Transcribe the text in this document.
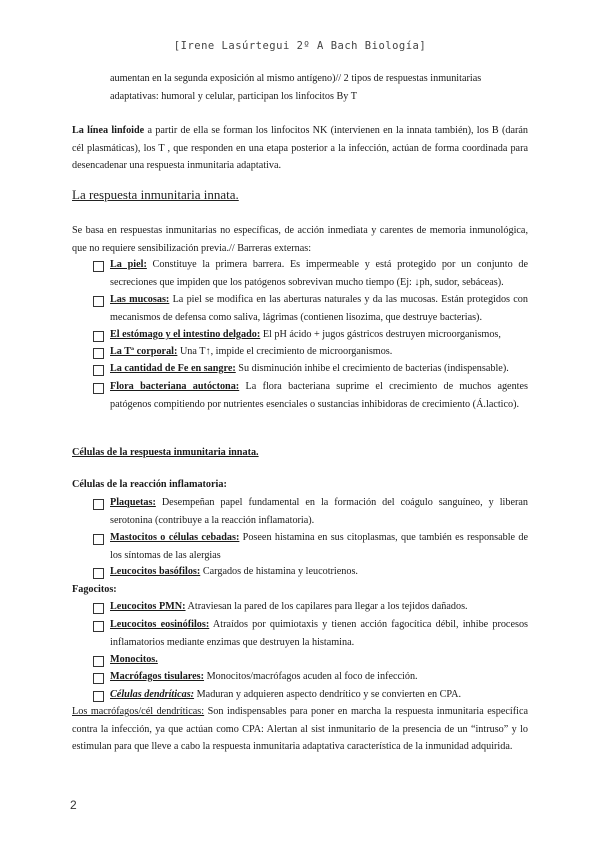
[Irene Lasúrtegui 2º A Bach Biología]
aumentan en la segunda exposición al mismo antígeno)// 2 tipos de respuestas inmunitarias
adaptativas: humoral y celular, participan los linfocitos By T
La línea linfoide a partir de ella se forman los linfocitos NK (intervienen en la innata también), los B (darán cél plasmáticas), los T , que responden en una etapa posterior a la infección, actúan de forma coordinada para desencadenar una respuesta inmunitaria adaptativa.
La respuesta inmunitaria innata.
Se basa en respuestas inmunitarias no específicas, de acción inmediata y carentes de memoria inmunológica, que no requiere sensibilización previa.// Barreras externas:
La piel: Constituye la primera barrera. Es impermeable y está protegido por un conjunto de secreciones que impiden que los patógenos sobrevivan mucho tiempo (Ej: ↓ph, sudor, sebáceas).
Las mucosas: La piel se modifica en las aberturas naturales y da las mucosas. Están protegidos con mecanismos de defensa como saliva, lágrimas (contienen lisozima, que destruye bacterias).
El estómago y el intestino delgado: El pH ácido + jugos gástricos destruyen microorganismos,
La Tª corporal: Una T↑, impide el crecimiento de microorganismos.
La cantidad de Fe en sangre: Su disminución inhibe el crecimiento de bacterias (indispensable).
Flora bacteriana autóctona: La flora bacteriana suprime el crecimiento de muchos agentes patógenos compitiendo por nutrientes esenciales o sustancias inhibidoras de crecimiento (Á.lactico).
Células de la respuesta inmunitaria innata.
Células de la reacción inflamatoria:
Plaquetas: Desempeñan papel fundamental en la formación del coágulo sanguíneo, y liberan serotonina (contribuye a la reacción inflamatoria).
Mastocitos o células cebadas: Poseen histamina en sus citoplasmas, que también es responsable de los síntomas de las alergias
Leucocitos basófilos: Cargados de histamina y leucotrienos.
Fagocitos:
Leucocitos PMN: Atraviesan la pared de los capilares para llegar a los tejidos dañados.
Leucocitos eosinófilos: Atraídos por quimiotaxis y tienen acción fagocítica débil, inhibe procesos inflamatorios mediante enzimas que destruyen la histamina.
Monocitos.
Macrófagos tisulares: Monocitos/macrófagos acuden al foco de infección.
Células dendríticas: Maduran y adquieren aspecto dendrítico y se convierten en CPA.
Los macrófagos/cél dendríticas: Son indispensables para poner en marcha la respuesta inmunitaria específica contra la infección, ya que actúan como CPA: Alertan al sist inmunitario de la presencia de un “intruso” y lo estimulan para que lleve a cabo la respuesta inmunitaria adaptativa característica de la inmunidad adquirida.
2
